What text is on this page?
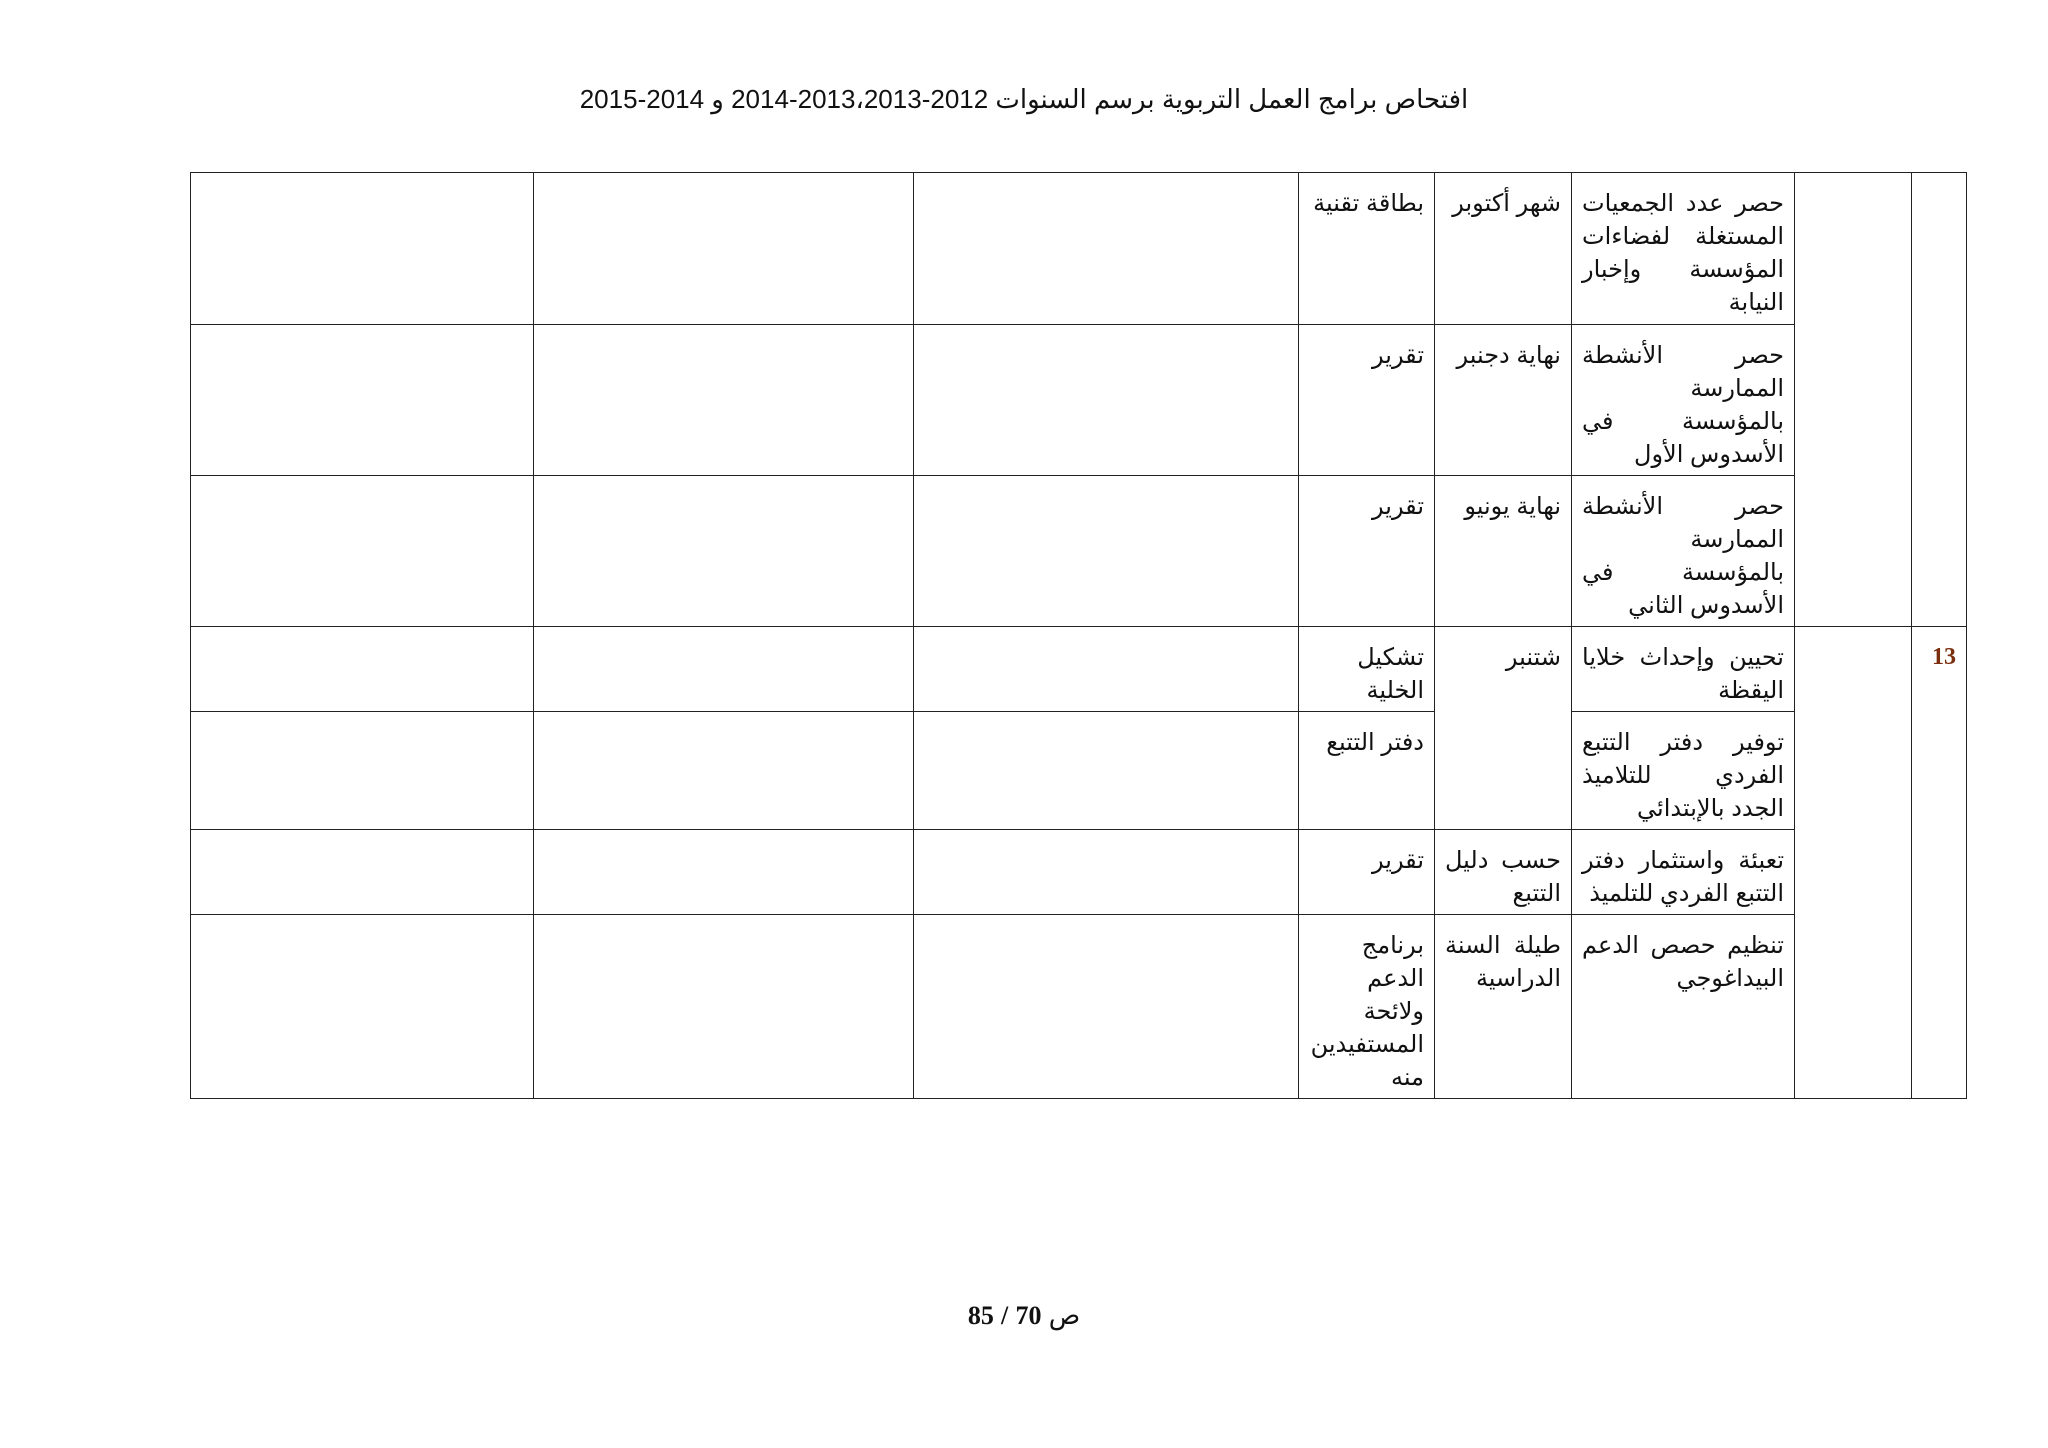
افتحاص برامج العمل التربوية برسم السنوات 2012-2013،2013-2014 و 2014-2015
		حصر عدد الجمعيات المستغلة لفضاءات المؤسسة وإخبار النيابة	شهر أكتوبر	بطاقة تقنية			
		حصر الأنشطة الممارسة بالمؤسسة في الأسدوس الأول	نهاية دجنبر	تقرير			
		حصر الأنشطة الممارسة بالمؤسسة في الأسدوس الثاني	نهاية يونيو	تقرير			
13		تحيين وإحداث خلايا اليقظة	شتنبر	تشكيل الخلية			
		توفير دفتر التتبع الفردي للتلاميذ الجدد بالإبتدائي		دفتر التتبع			
		تعبئة واستثمار دفتر التتبع الفردي للتلميذ	حسب دليل التتبع	تقرير			
		تنظيم حصص الدعم البيداغوجي	طيلة السنة الدراسية	برنامج الدعم ولائحة المستفيدين منه			
85 / 70 ص
